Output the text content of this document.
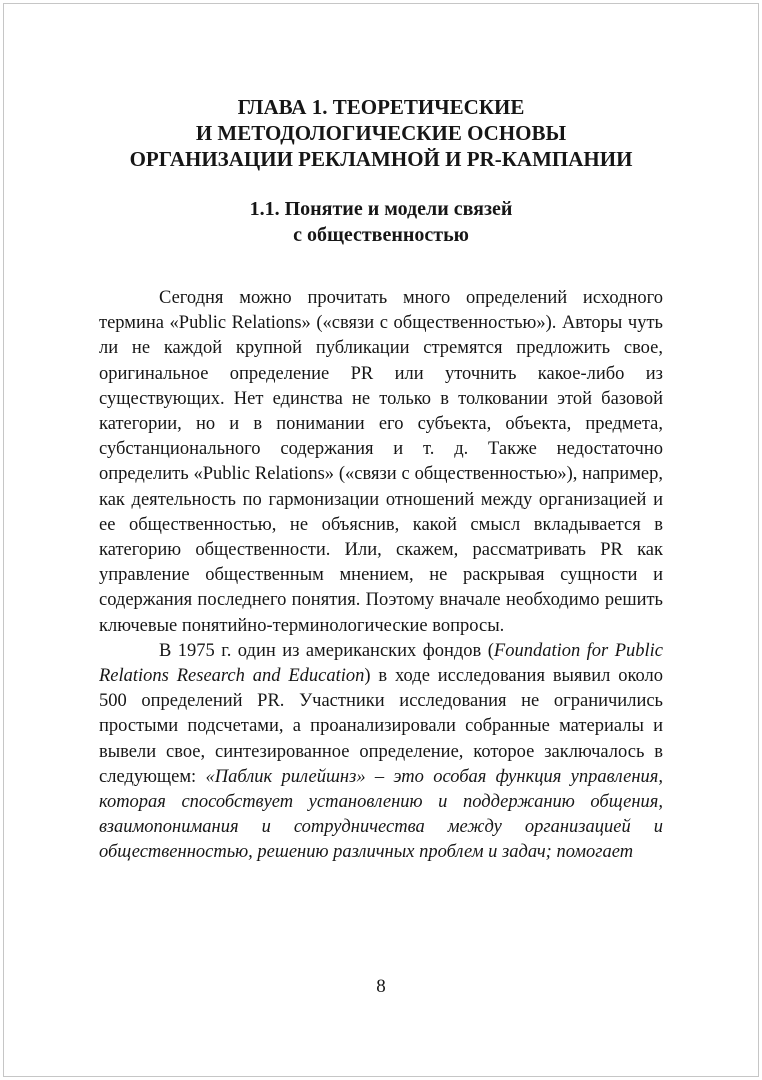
ГЛАВА 1. ТЕОРЕТИЧЕСКИЕ
И МЕТОДОЛОГИЧЕСКИЕ ОСНОВЫ
ОРГАНИЗАЦИИ РЕКЛАМНОЙ И PR-КАМПАНИИ
1.1. Понятие и модели связей
с общественностью

Сегодня можно прочитать много определений исходного термина «Public Relations» («связи с общественностью»). Авторы чуть ли не каждой крупной публикации стремятся предложить свое, оригинальное определение PR или уточнить какое-либо из существующих. Нет единства не только в толковании этой базовой категории, но и в понимании его субъекта, объекта, предмета, субстанционального содержания и т. д. Также недостаточно определить «Public Relations» («связи с общественностью»), например, как деятельность по гармонизации отношений между организацией и ее общественностью, не объяснив, какой смысл вкладывается в категорию общественности. Или, скажем, рассматривать PR как управление общественным мнением, не раскрывая сущности и содержания последнего понятия. Поэтому вначале необходимо решить ключевые понятийно-терминологические вопросы.

В 1975 г. один из американских фондов (Foundation for Public Relations Research and Education) в ходе исследования выявил около 500 определений PR. Участники исследования не ограничились простыми подсчетами, а проанализировали собранные материалы и вывели свое, синтезированное определение, которое заключалось в следующем: «Паблик рилейшнз» – это особая функция управления, которая способствует установлению и поддержанию общения, взаимопонимания и сотрудничества между организацией и общественностью, решению различных проблем и задач; помогает

8
